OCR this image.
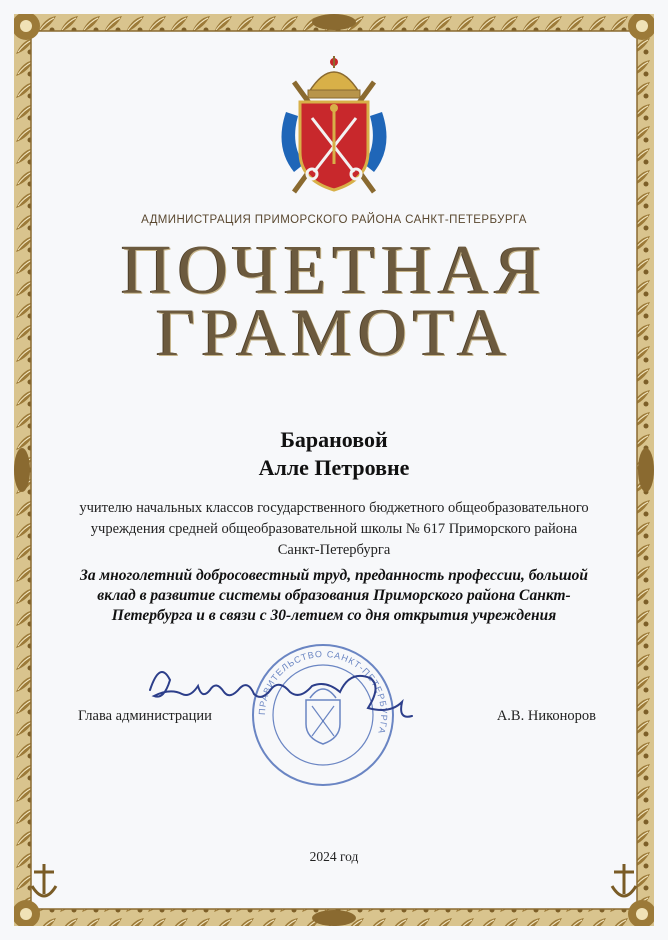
АДМИНИСТРАЦИЯ ПРИМОРСКОГО РАЙОНА САНКТ-ПЕТЕРБУРГА
ПОЧЕТНАЯ
ГРАМОТА
Барановой
Алле Петровне
учителю начальных классов государственного бюджетного общеобразовательного учреждения средней общеобразовательной школы № 617 Приморского района Санкт-Петербурга
За многолетний добросовестный труд, преданность профессии, большой вклад в развитие системы образования Приморского района Санкт-Петербурга и в связи с 30-летием со дня открытия учреждения
ПРАВИТЕЛЬСТВО САНКТ-ПЕТЕРБУРГА
Глава администрации	А.В. Никоноров
2024 год
